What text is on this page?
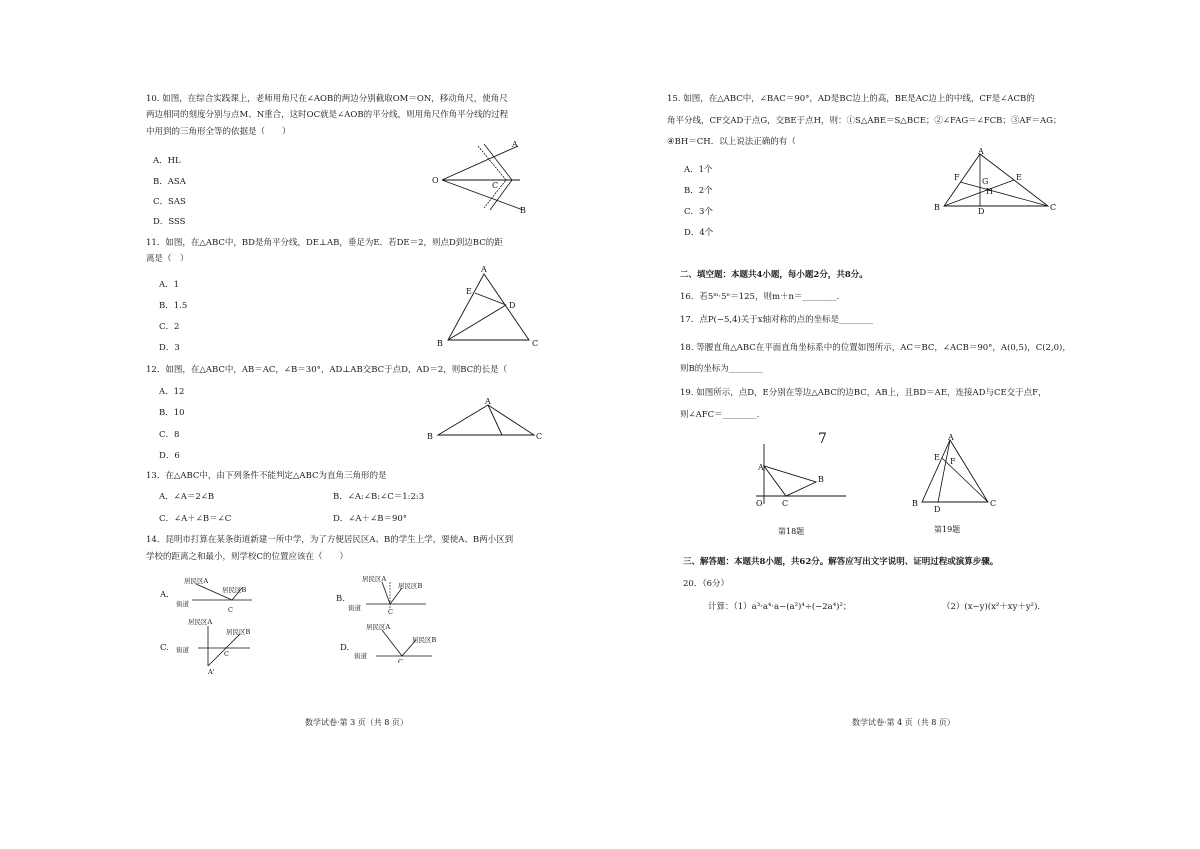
10. 如图，在综合实践课上，老师用角尺在∠AOB的两边分别截取OM＝ON，移动角尺，使角尺
两边相同的刻度分别与点M、N重合，这时OC就是∠AOB的平分线，则用角尺作角平分线的过程
中用到的三角形全等的依据是（　　）
A．HL
B．ASA
C．SAS
D．SSS
O
A
B
C
11．如图，在△ABC中，BD是角平分线，DE⊥AB，垂足为E．若DE＝2，则点D到边BC的距
离是（　）
A．1
B．1.5
C．2
D．3
A
B	C
D
E
12．如图，在△ABC中，AB＝AC，∠B＝30°，AD⊥AB交BC于点D，AD＝2，则BC的长是（
A．12
B．10
C．8
D．6
A
B	C
13．在△ABC中，由下列条件不能判定△ABC为直角三角形的是
A．∠A＝2∠B	B．∠A:∠B:∠C＝1:2:3
C．∠A＋∠B＝∠C	D．∠A＋∠B＝90°
14．昆明市打算在某条街道新建一所中学，为了方便居民区A、B的学生上学，要使A、B两小区到
学校的距离之和最小，则学校C的位置应该在（　　）
A.
居民区A
居民区B
街道
C
B.
居民区A
居民区B
街道	C
C.
居民区A
居民区B
街道	C
A'
D.
居民区A
居民区B
街道
C
数学试卷·第 3 页（共 8 页）
15. 如图，在△ABC中，∠BAC＝90°，AD是BC边上的高，BE是AC边上的中线，CF是∠ACB的
角平分线，CF交AD于点G，交BE于点H，则：①S△ABE＝S△BCE；②∠FAG＝∠FCB；③AF＝AG；
④BH＝CH．以上说法正确的有（
A．1个
B．2个
C．3个
D．4个
A
B	C
D
E
F	G
H
二、填空题：本题共4小题，每小题2分，共8分。
16．若5ᵐ·5ⁿ＝125，则m＋n＝________．
17．点P(−5,4)关于x轴对称的点的坐标是________
18. 等腰直角△ABC在平面直角坐标系中的位置如图所示，AC＝BC，∠ACB＝90°，A(0,5)，C(2,0)，
则B的坐标为________
19. 如图所示，点D，E分别在等边△ABC的边BC，AB上，且BD＝AE，连接AD与CE交于点F，
则∠AFC＝________.
A
B
C
O
第18题
7	A
B	C
D
E F
第19题
三、解答题：本题共8小题，共62分。解答应写出文字说明、证明过程或演算步骤。
20．（6分）
计算：（1）a³·a⁴·a−(a²)⁴÷(−2a⁴)²；	（2）(x−y)(x²＋xy＋y²)．
数学试卷·第 4 页（共 8 页）
